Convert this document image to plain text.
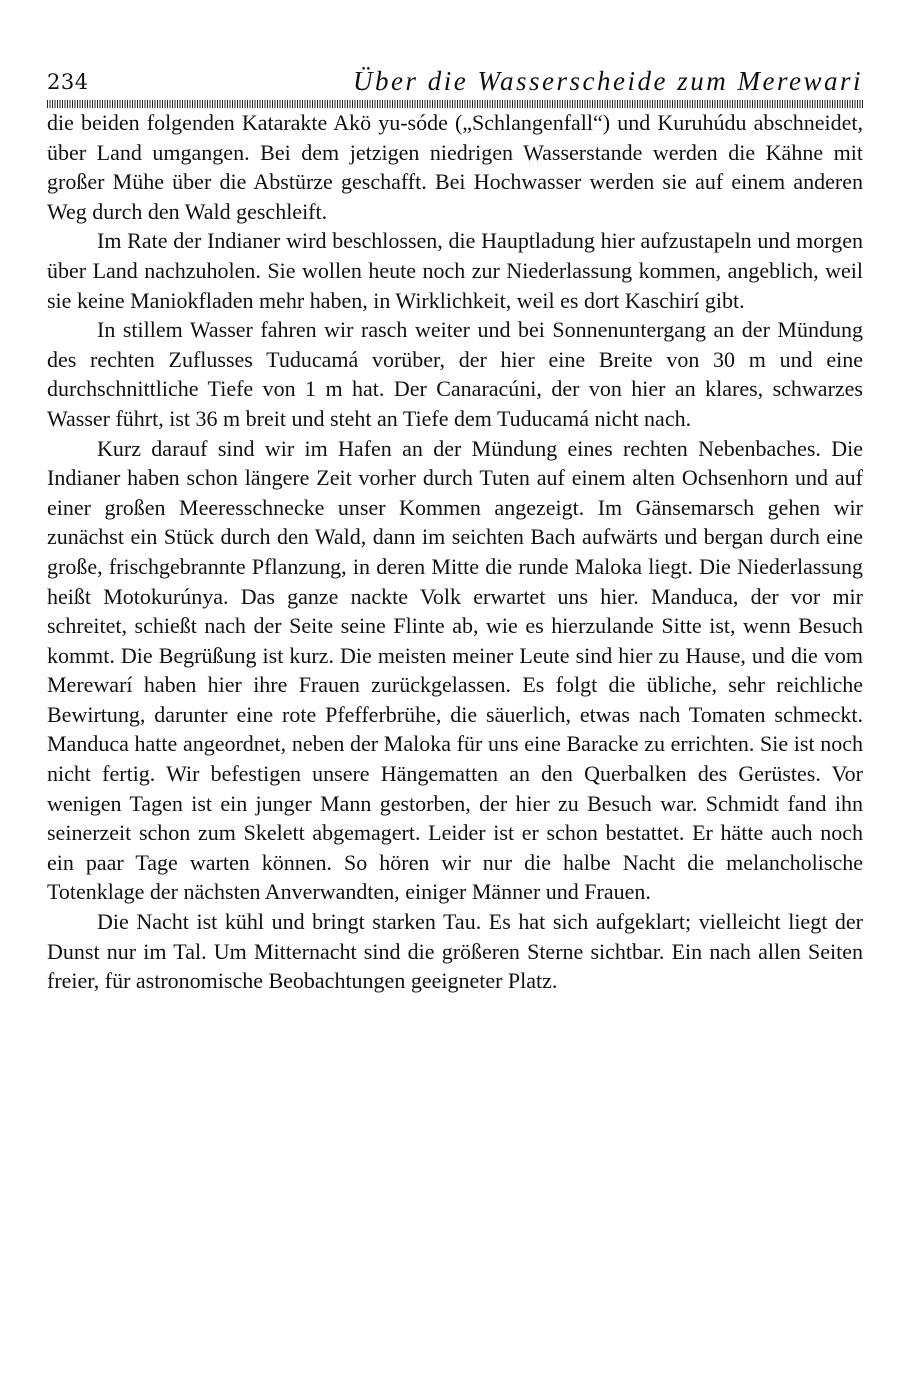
234	Über die Wasserscheide zum Merewari

die beiden folgenden Katarakte Akö yu-sóde („Schlangenfall“) und Kuruhúdu abschneidet, über Land umgangen. Bei dem jetzigen niedrigen Wasserstande werden die Kähne mit großer Mühe über die Abstürze geschafft. Bei Hochwasser werden sie auf einem anderen Weg durch den Wald geschleift.

Im Rate der Indianer wird beschlossen, die Hauptladung hier aufzustapeln und morgen über Land nachzuholen. Sie wollen heute noch zur Niederlassung kommen, angeblich, weil sie keine Maniokfladen mehr haben, in Wirklichkeit, weil es dort Kaschirí gibt.

In stillem Wasser fahren wir rasch weiter und bei Sonnenuntergang an der Mündung des rechten Zuflusses Tuducamá vorüber, der hier eine Breite von 30 m und eine durchschnittliche Tiefe von 1 m hat. Der Canaracúni, der von hier an klares, schwarzes Wasser führt, ist 36 m breit und steht an Tiefe dem Tuducamá nicht nach.

Kurz darauf sind wir im Hafen an der Mündung eines rechten Nebenbaches. Die Indianer haben schon längere Zeit vorher durch Tuten auf einem alten Ochsenhorn und auf einer großen Meeresschnecke unser Kommen angezeigt. Im Gänsemarsch gehen wir zunächst ein Stück durch den Wald, dann im seichten Bach aufwärts und bergan durch eine große, frischgebrannte Pflanzung, in deren Mitte die runde Maloka liegt. Die Niederlassung heißt Motokurúnya. Das ganze nackte Volk erwartet uns hier. Manduca, der vor mir schreitet, schießt nach der Seite seine Flinte ab, wie es hierzulande Sitte ist, wenn Besuch kommt. Die Begrüßung ist kurz. Die meisten meiner Leute sind hier zu Hause, und die vom Merewarí haben hier ihre Frauen zurückgelassen. Es folgt die übliche, sehr reichliche Bewirtung, darunter eine rote Pfefferbrühe, die säuerlich, etwas nach Tomaten schmeckt. Manduca hatte angeordnet, neben der Maloka für uns eine Baracke zu errichten. Sie ist noch nicht fertig. Wir befestigen unsere Hängematten an den Querbalken des Gerüstes. Vor wenigen Tagen ist ein junger Mann gestorben, der hier zu Besuch war. Schmidt fand ihn seinerzeit schon zum Skelett abgemagert. Leider ist er schon bestattet. Er hätte auch noch ein paar Tage warten können. So hören wir nur die halbe Nacht die melancholische Totenklage der nächsten Anverwandten, einiger Männer und Frauen.

Die Nacht ist kühl und bringt starken Tau. Es hat sich aufgeklart; vielleicht liegt der Dunst nur im Tal. Um Mitternacht sind die größeren Sterne sichtbar. Ein nach allen Seiten freier, für astronomische Beobachtungen geeigneter Platz.
